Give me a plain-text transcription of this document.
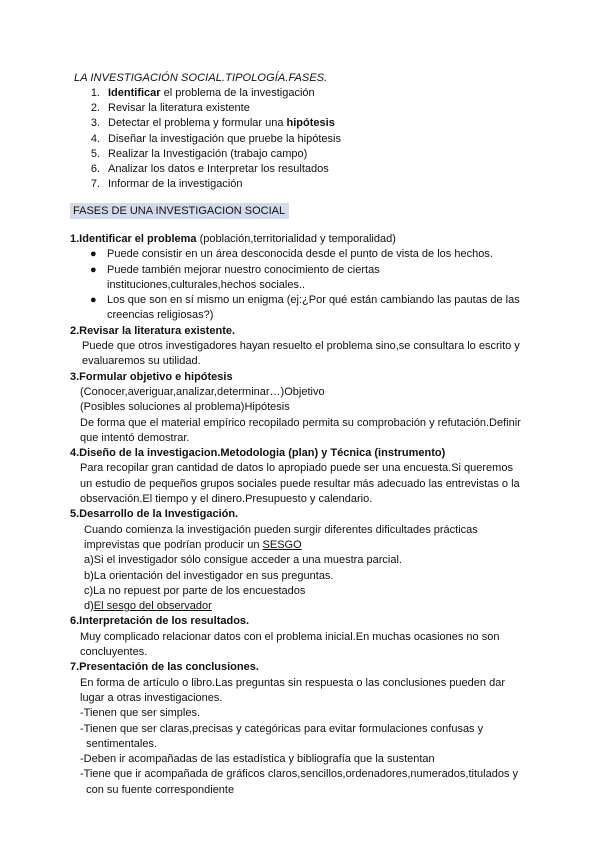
LA INVESTIGACIÓN SOCIAL.TIPOLOGÍA.FASES.
1. Identificar el problema de la investigación
2. Revisar la literatura existente
3. Detectar el problema y formular una hipótesis
4. Diseñar la investigación que pruebe la hipótesis
5. Realizar la Investigación (trabajo campo)
6. Analizar los datos e Interpretar los resultados
7. Informar de la investigación
FASES DE UNA INVESTIGACION SOCIAL
1.Identificar el problema (población,territorialidad y temporalidad)
● Puede consistir en un área desconocida desde el punto de vista de los hechos.
● Puede también mejorar nuestro conocimiento de ciertas
instituciones,culturales,hechos sociales..
● Los que son en sí mismo un enigma (ej:¿Por qué están cambiando las pautas de las
creencias religiosas?)
2.Revisar la literatura existente.
Puede que otros investigadores hayan resuelto el problema sino,se consultara lo escrito y
evaluaremos su utilidad.
3.Formular objetivo e hipótesis
(Conocer,averiguar,analizar,determinar…)Objetivo
(Posibles soluciones al problema)Hipótesis
De forma que el material empírico recopilado permita su comprobación y refutación.Definir
que intentó demostrar.
4.Diseño de la investigacion.Metodologia (plan) y Técnica (instrumento)
Para recopilar gran cantidad de datos lo apropiado puede ser una encuesta.Si queremos
un estudio de pequeños grupos sociales puede resultar más adecuado las entrevistas o la
observación.El tiempo y el dinero.Presupuesto y calendario.
5.Desarrollo de la Investigación.
Cuando comienza la investigación pueden surgir diferentes dificultades prácticas
imprevistas que podrían producir un SESGO
a)Si el investigador sólo consigue acceder a una muestra parcial.
b)La orientación del investigador en sus preguntas.
c)La no repuest por parte de los encuestados
d)El sesgo del observador
6.Interpretación de los resultados.
Muy complicado relacionar datos con el problema inicial.En muchas ocasiones no son
concluyentes.
7.Presentación de las conclusiones.
En forma de artículo o libro.Las preguntas sin respuesta o las conclusiones pueden dar
lugar a otras investigaciones.
-Tienen que ser simples.
-Tienen que ser claras,precisas y categóricas para evitar formulaciones confusas y
sentimentales.
-Deben ir acompañadas de las estadística y bibliografía que la sustentan
-Tiene que ir acompañada de gráficos claros,sencillos,ordenadores,numerados,titulados y
con su fuente correspondiente
